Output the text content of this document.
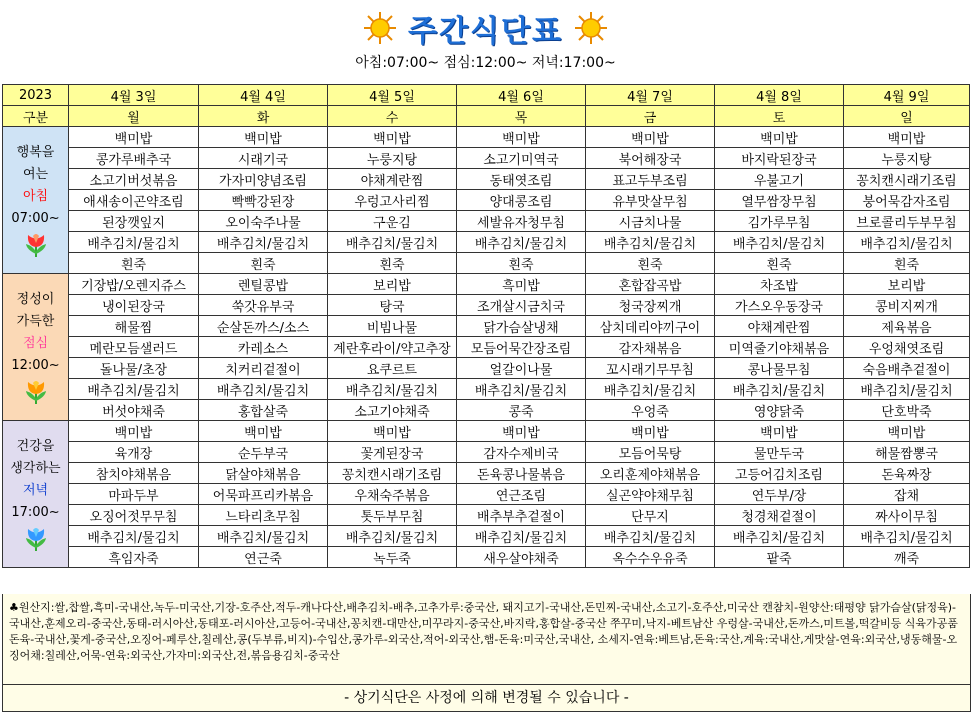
주간식단표
아침:07:00~ 점심:12:00~ 저녁:17:00~
2023	4월 3일	4월 4일	4월 5일	4월 6일	4월 7일	4월 8일	4월 9일
구분	월	화	수	목	금	토	일

행복을
여는
아침
07:00~	백미밥	백미밥	백미밥	백미밥	백미밥	백미밥	백미밥
	콩가루배추국	시래기국	누룽지탕	소고기미역국	북어해장국	바지락된장국	누룽지탕
	소고기버섯볶음	가자미양념조림	야채계란찜	동태엿조림	표고두부조림	우불고기	꽁치캔시래기조림
	애새송이곤약조림	빡빡강된장	우렁고사리찜	양대콩조림	유부맛살무침	열무쌈장무침	붕어묵감자조림
	된장깻잎지	오이숙주나물	구운김	세발유자청무침	시금치나물	김가루무침	브로콜리두부무침
	배추김치/물김치	배추김치/물김치	배추김치/물김치	배추김치/물김치	배추김치/물김치	배추김치/물김치	배추김치/물김치
	흰죽	흰죽	흰죽	흰죽	흰죽	흰죽	흰죽

정성이
가득한
점심
12:00~	기장밥/오렌지쥬스	렌틸콩밥	보리밥	흑미밥	혼합잡곡밥	차조밥	보리밥
	냉이된장국	쑥갓유부국	탕국	조개살시금치국	청국장찌개	가스오우동장국	콩비지찌개
	해물찜	순살돈까스/소스	비빔나물	닭가슴살냉채	삼치데리야끼구이	야채계란찜	제육볶음
	메란모듬샐러드	카레소스	계란후라이/약고추장	모듬어묵간장조림	감자채볶음	미역줄기야채볶음	우엉채엿조림
	돌나물/초장	치커리겉절이	요쿠르트	얼갈이나물	꼬시래기무무침	콩나물무침	숙음배추겉절이
	배추김치/물김치	배추김치/물김치	배추김치/물김치	배추김치/물김치	배추김치/물김치	배추김치/물김치	배추김치/물김치
	버섯야채죽	홍합살죽	소고기야채죽	콩죽	우엉죽	영양닭죽	단호박죽

건강을
생각하는
저녁
17:00~	백미밥	백미밥	백미밥	백미밥	백미밥	백미밥	백미밥
	육개장	순두부국	꽃게된장국	감자수제비국	모듬어묵탕	물만두국	해물짬뽕국
	참치야채볶음	닭살야채볶음	꽁치캔시래기조림	돈육콩나물볶음	오리훈제야채볶음	고등어김치조림	돈육짜장
	마파두부	어묵파프리카볶음	우채숙주볶음	연근조림	실곤약야채무침	연두부/장	잡채
	오징어젓무무침	느타리초무침	톳두부무침	배추부추겉절이	단무지	청경채겉절이	짜사이무침
	배추김치/물김치	배추김치/물김치	배추김치/물김치	배추김치/물김치	배추김치/물김치	배추김치/물김치	배추김치/물김치
	흑임자죽	연근죽	녹두죽	새우살야채죽	옥수수우유죽	팥죽	깨죽
♣원산지:쌀,찹쌀,흑미-국내산,녹두-미국산,기장-호주산,적두-캐나다산,배추김치-배추,고추가루:중국산, 돼지고기-국내산,돈민찌-국내산,소고기-호주산,미국산 캔참치-원양산:태평양 닭가슴살(닭정육)-국내산,훈제오리-중국산,동태-러시아산,동태포-러시아산,고등어-국내산,꽁치캔-대만산,미꾸라지-중국산,바지락,홍합살-중국산 쭈꾸미,낙지-베트남산 우렁살-국내산,돈까스,미트볼,떡갈비등 식육가공품 돈육-국내산,꽃게-중국산,오징어-페루산,칠레산,콩(두부류,비지)-수입산,콩가루-외국산,적어-외국산,햄-돈육:미국산,국내산, 소세지-연육:베트남,돈육:국산,계육:국내산,게맛살-연육:외국산,냉동해물-오징어채:칠레산,어묵-연육:외국산,가자미:외국산,전,볶음용김치-중국산
- 상기식단은 사정에 의해 변경될 수 있습니다 -
